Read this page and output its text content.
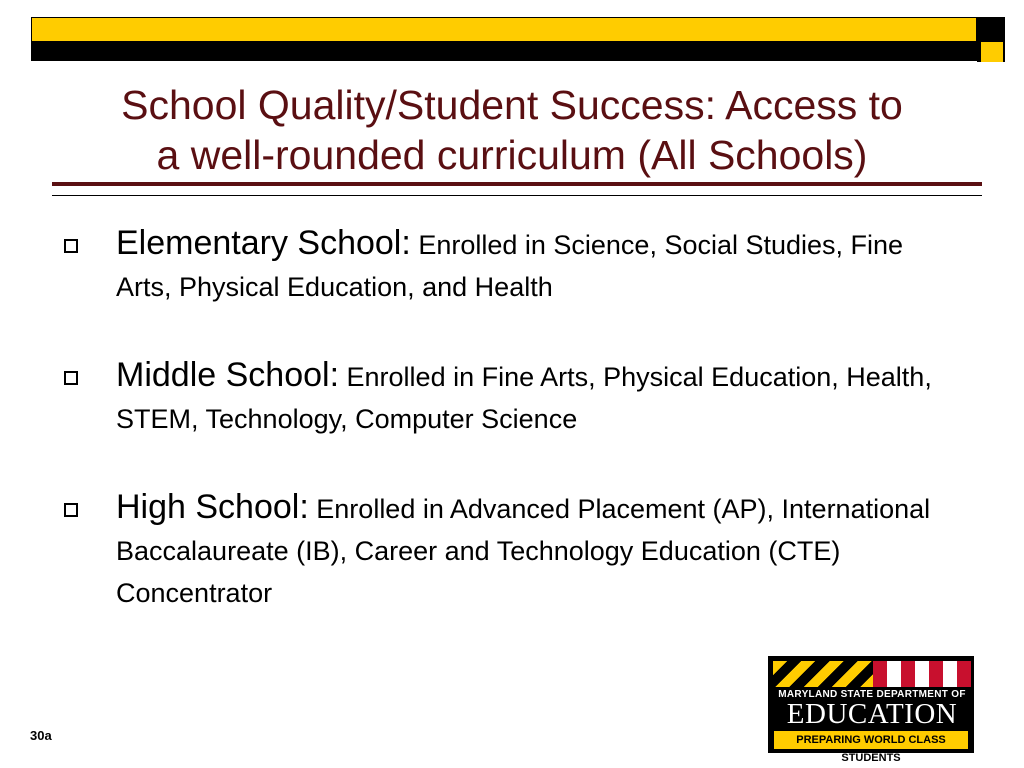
School Quality/Student Success: Access to
a well-rounded curriculum (All Schools)
Elementary School: Enrolled in Science, Social Studies, Fine Arts, Physical Education, and Health
Middle School: Enrolled in Fine Arts, Physical Education, Health, STEM, Technology, Computer Science
High School: Enrolled in Advanced Placement (AP), International Baccalaureate (IB), Career and Technology Education (CTE) Concentrator
MARYLAND STATE DEPARTMENT OF
EDUCATION
PREPARING WORLD CLASS STUDENTS
30a
